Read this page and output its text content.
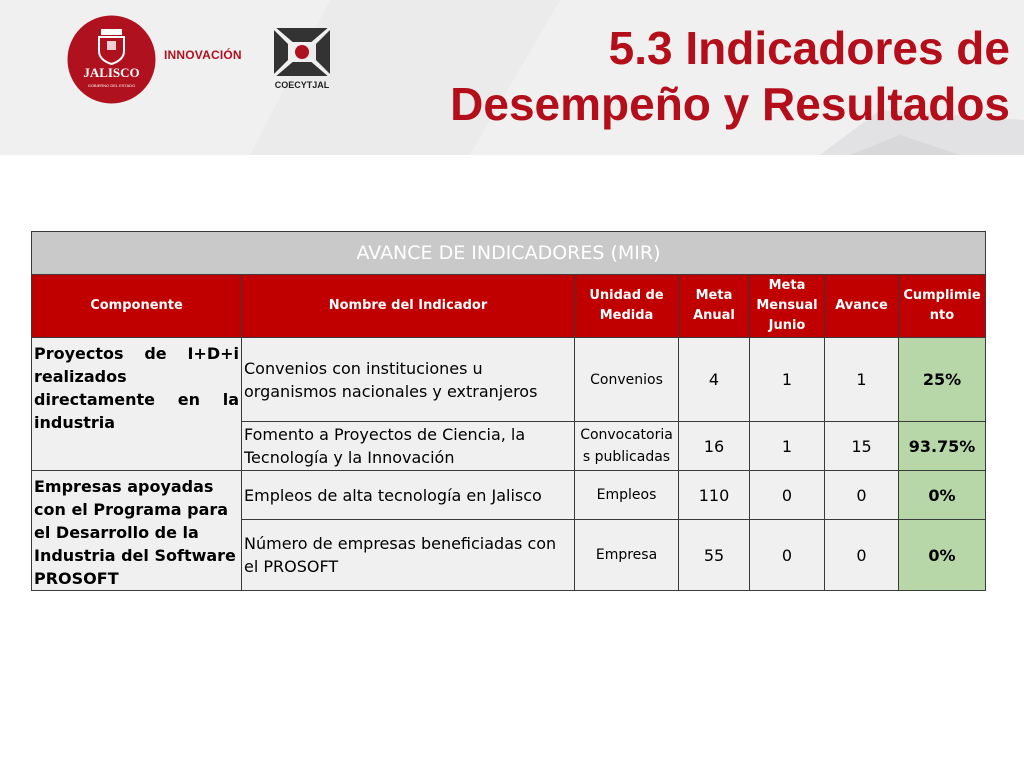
JALISCO
GOBIERNO DEL ESTADO
INNOVACIÓN
COECYTJAL
5.3 Indicadores de
Desempeño y Resultados
AVANCE DE INDICADORES (MIR)						
Componente	Nombre del Indicador	Unidad de Medida	Meta Anual	Meta Mensual Junio	Avance	Cumplimiento
Proyectos de I+D+i realizados directamente en la industria	Convenios con instituciones u organismos nacionales y extranjeros	Convenios	4	1	1	25%
	Fomento a Proyectos de Ciencia, la Tecnología y la Innovación	Convocatorias publicadas	16	1	15	93.75%
Empresas apoyadas con el Programa para el Desarrollo de la Industria del Software PROSOFT	Empleos de alta tecnología en Jalisco	Empleos	110	0	0	0%
	Número de empresas beneficiadas con el PROSOFT	Empresa	55	0	0	0%
